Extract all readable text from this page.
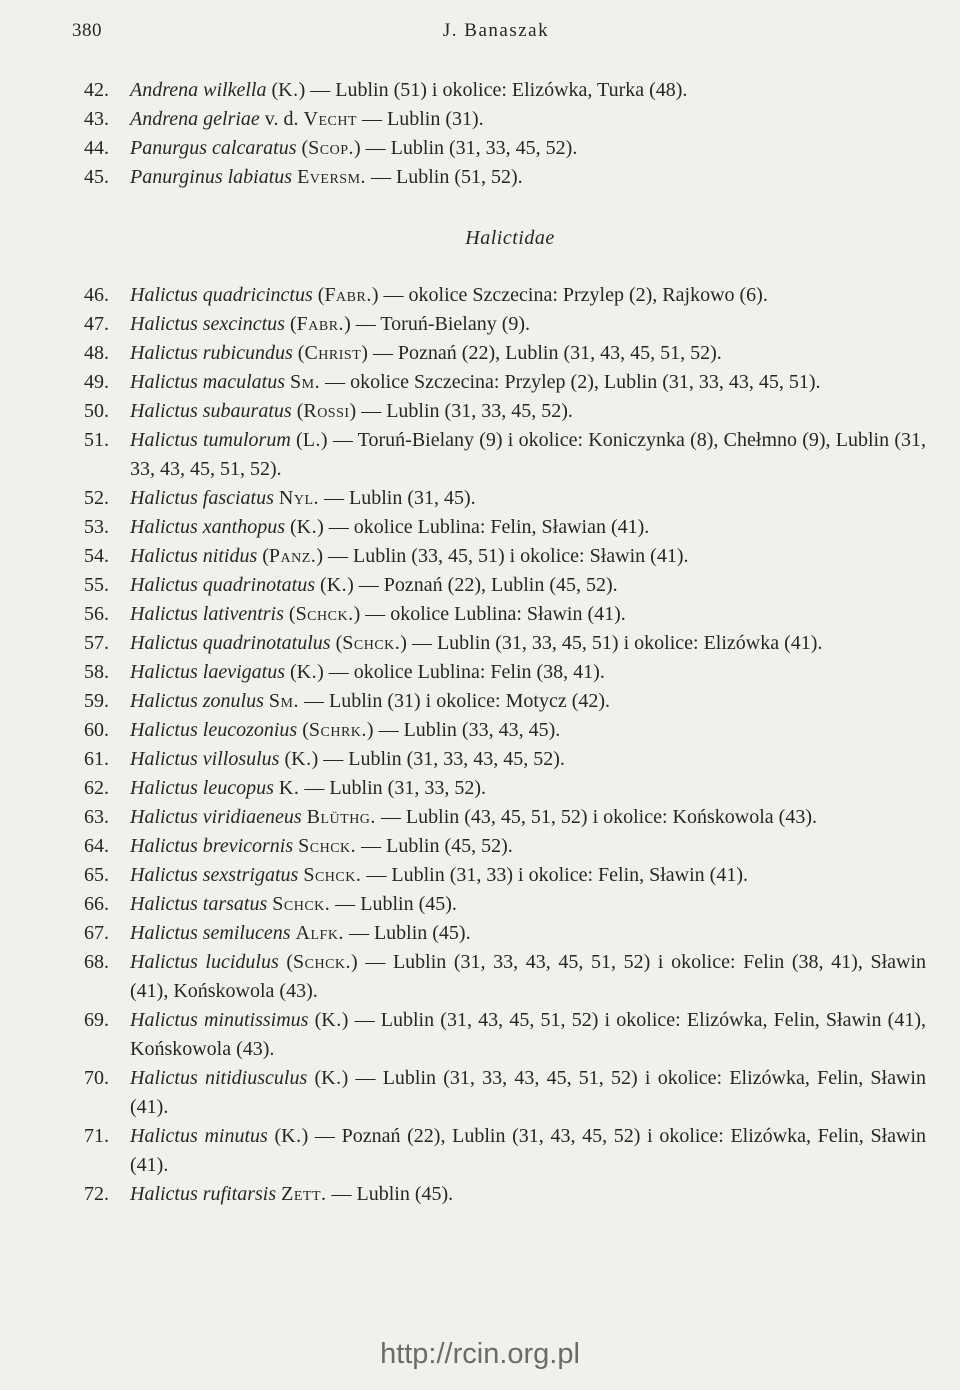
380	J. Banaszak

42. Andrena wilkella (K.) — Lublin (51) i okolice: Elizówka, Turka (48).

43. Andrena gelriae v. d. Vecht — Lublin (31).

44. Panurgus calcaratus (Scop.) — Lublin (31, 33, 45, 52).

45. Panurginus labiatus Eversm. — Lublin (51, 52).

Halictidae

46. Halictus quadricinctus (Fabr.) — okolice Szczecina: Przylep (2), Rajkowo (6).

47. Halictus sexcinctus (Fabr.) — Toruń-Bielany (9).

48. Halictus rubicundus (Christ) — Poznań (22), Lublin (31, 43, 45, 51, 52).

49. Halictus maculatus Sm. — okolice Szczecina: Przylep (2), Lublin (31, 33, 43, 45, 51).

50. Halictus subauratus (Rossi) — Lublin (31, 33, 45, 52).

51. Halictus tumulorum (L.) — Toruń-Bielany (9) i okolice: Koniczynka (8), Chełmno (9), Lublin (31, 33, 43, 45, 51, 52).

52. Halictus fasciatus Nyl. — Lublin (31, 45).

53. Halictus xanthopus (K.) — okolice Lublina: Felin, Sławian (41).

54. Halictus nitidus (Panz.) — Lublin (33, 45, 51) i okolice: Sławin (41).

55. Halictus quadrinotatus (K.) — Poznań (22), Lublin (45, 52).

56. Halictus lativentris (Schck.) — okolice Lublina: Sławin (41).

57. Halictus quadrinotatulus (Schck.) — Lublin (31, 33, 45, 51) i okolice: Elizówka (41).

58. Halictus laevigatus (K.) — okolice Lublina: Felin (38, 41).

59. Halictus zonulus Sm. — Lublin (31) i okolice: Motycz (42).

60. Halictus leucozonius (Schrk.) — Lublin (33, 43, 45).

61. Halictus villosulus (K.) — Lublin (31, 33, 43, 45, 52).

62. Halictus leucopus K. — Lublin (31, 33, 52).

63. Halictus viridiaeneus Blüthg. — Lublin (43, 45, 51, 52) i okolice: Końskowola (43).

64. Halictus brevicornis Schck. — Lublin (45, 52).

65. Halictus sexstrigatus Schck. — Lublin (31, 33) i okolice: Felin, Sławin (41).

66. Halictus tarsatus Schck. — Lublin (45).

67. Halictus semilucens Alfk. — Lublin (45).

68. Halictus lucidulus (Schck.) — Lublin (31, 33, 43, 45, 51, 52) i okolice: Felin (38, 41), Sławin (41), Końskowola (43).

69. Halictus minutissimus (K.) — Lublin (31, 43, 45, 51, 52) i okolice: Elizówka, Felin, Sławin (41), Końskowola (43).

70. Halictus nitidiusculus (K.) — Lublin (31, 33, 43, 45, 51, 52) i okolice: Elizówka, Felin, Sławin (41).

71. Halictus minutus (K.) — Poznań (22), Lublin (31, 43, 45, 52) i okolice: Elizówka, Felin, Sławin (41).

72. Halictus rufitarsis Zett. — Lublin (45).

http://rcin.org.pl
